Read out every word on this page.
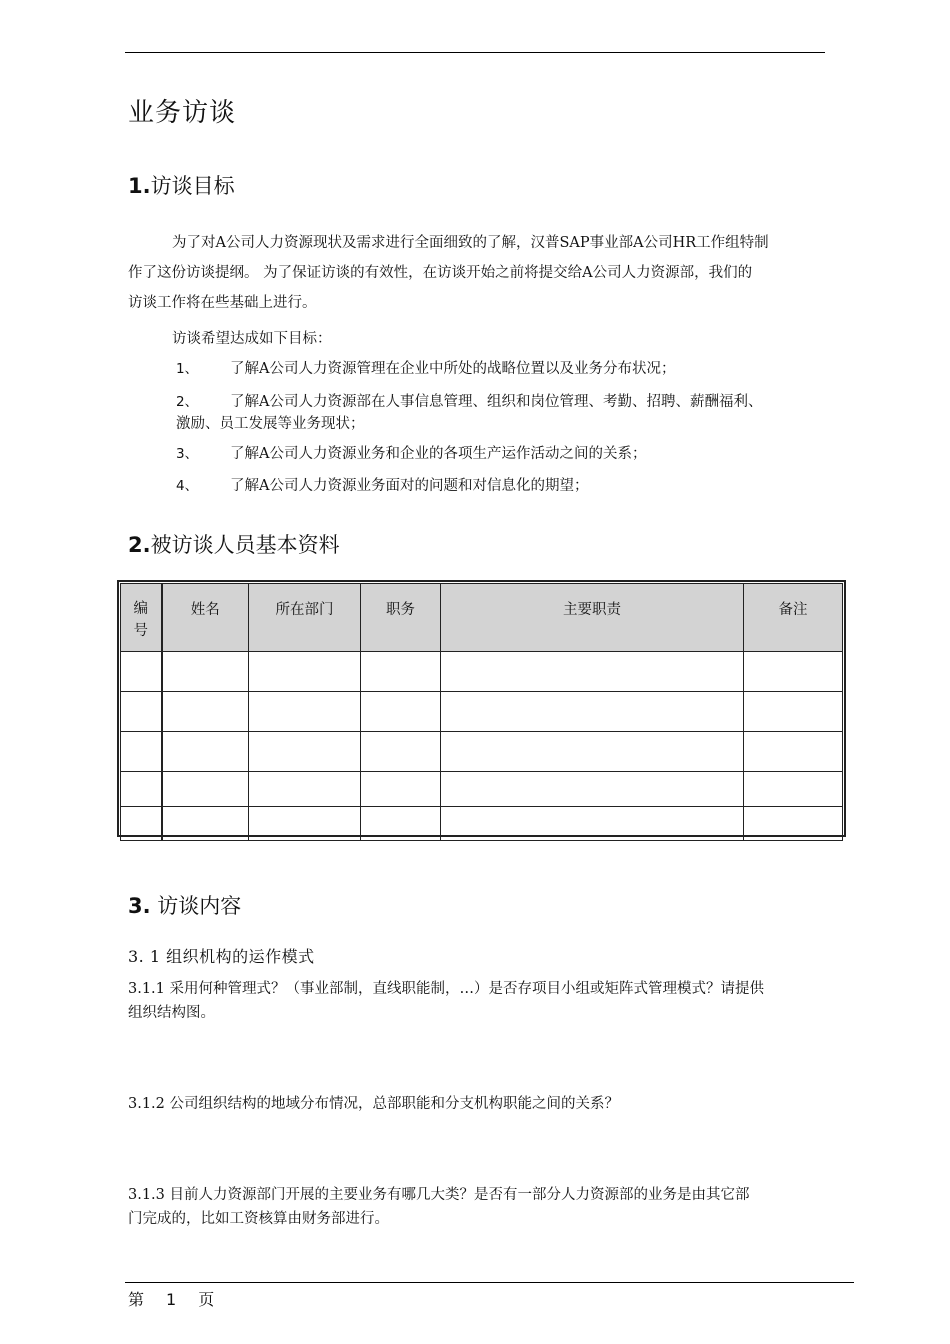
业务访谈
1.访谈目标
为了对A公司人力资源现状及需求进行全面细致的了解，汉普SAP事业部A公司HR工作组特制
作了这份访谈提纲。 为了保证访谈的有效性，在访谈开始之前将提交给A公司人力资源部，我们的
访谈工作将在些基础上进行。
访谈希望达成如下目标：
1、 了解A公司人力资源管理在企业中所处的战略位置以及业务分布状况；
2、 了解A公司人力资源部在人事信息管理、组织和岗位管理、考勤、招聘、薪酬福利、
激励、员工发展等业务现状；
3、 了解A公司人力资源业务和企业的各项生产运作活动之间的关系；
4、 了解A公司人力资源业务面对的问题和对信息化的期望；
2.被访谈人员基本资料
编
号	姓名	所在部门	职务	主要职责	备注

3. 访谈内容
3. 1 组织机构的运作模式
3.1.1 采用何种管理式？（事业部制，直线职能制，…）是否存项目小组或矩阵式管理模式？请提供
组织结构图。
3.1.2 公司组织结构的地域分布情况，总部职能和分支机构职能之间的关系？
3.1.3 目前人力资源部门开展的主要业务有哪几大类？是否有一部分人力资源部的业务是由其它部
门完成的，比如工资核算由财务部进行。
第 1 页
